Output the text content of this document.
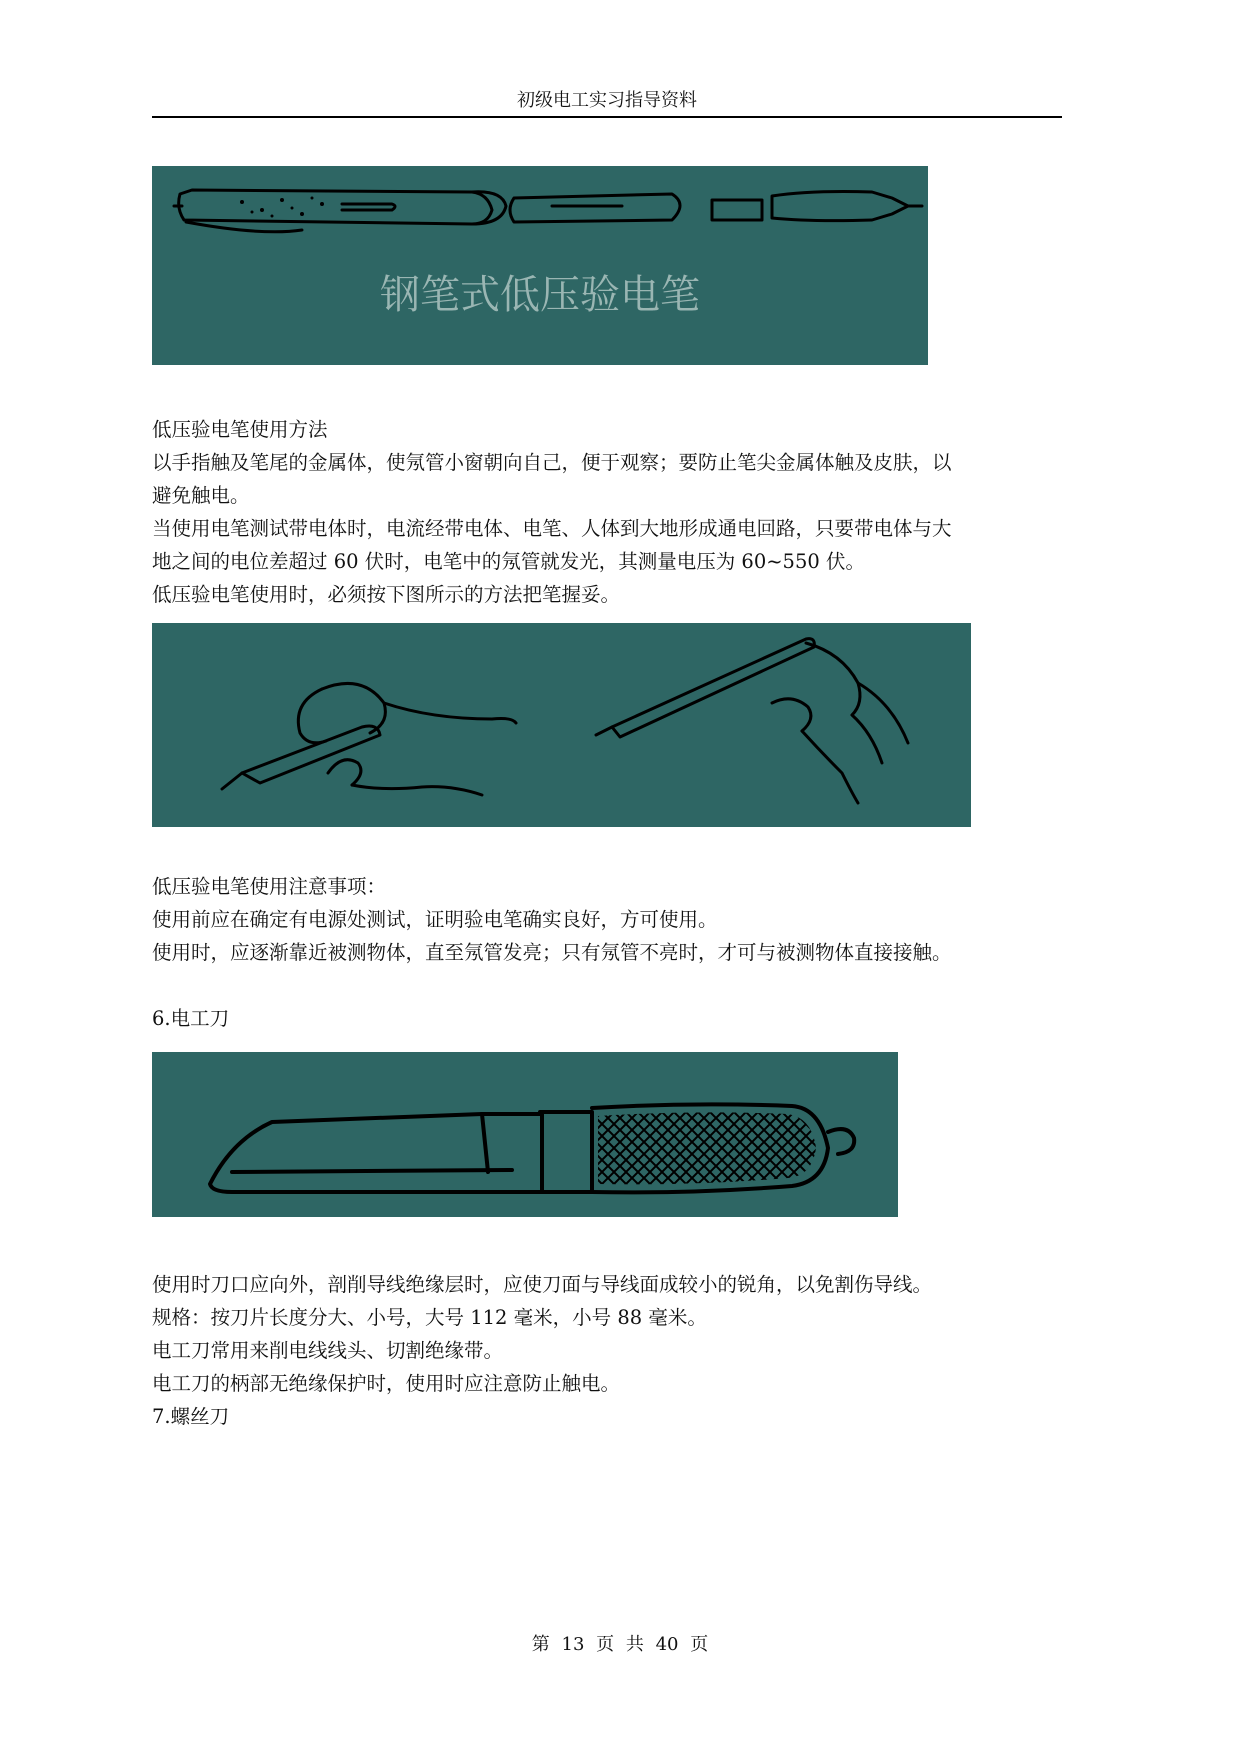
初级电工实习指导资料
钢笔式低压验电笔

低压验电笔使用方法

以手指触及笔尾的金属体，使氖管小窗朝向自己，便于观察；要防止笔尖金属体触及皮肤，以

避免触电。

当使用电笔测试带电体时，电流经带电体、电笔、人体到大地形成通电回路，只要带电体与大

地之间的电位差超过 60 伏时，电笔中的氖管就发光，其测量电压为 60~550 伏。

低压验电笔使用时，必须按下图所示的方法把笔握妥。

低压验电笔使用注意事项：

使用前应在确定有电源处测试，证明验电笔确实良好，方可使用。

使用时，应逐渐靠近被测物体，直至氖管发亮；只有氖管不亮时，才可与被测物体直接接触。

6.电工刀

使用时刀口应向外，剖削导线绝缘层时，应使刀面与导线面成较小的锐角，以免割伤导线。

规格：按刀片长度分大、小号，大号 112 毫米，小号 88 毫米。

电工刀常用来削电线线头、切割绝缘带。

电工刀的柄部无绝缘保护时，使用时应注意防止触电。

7.螺丝刀

第 13 页 共 40 页
